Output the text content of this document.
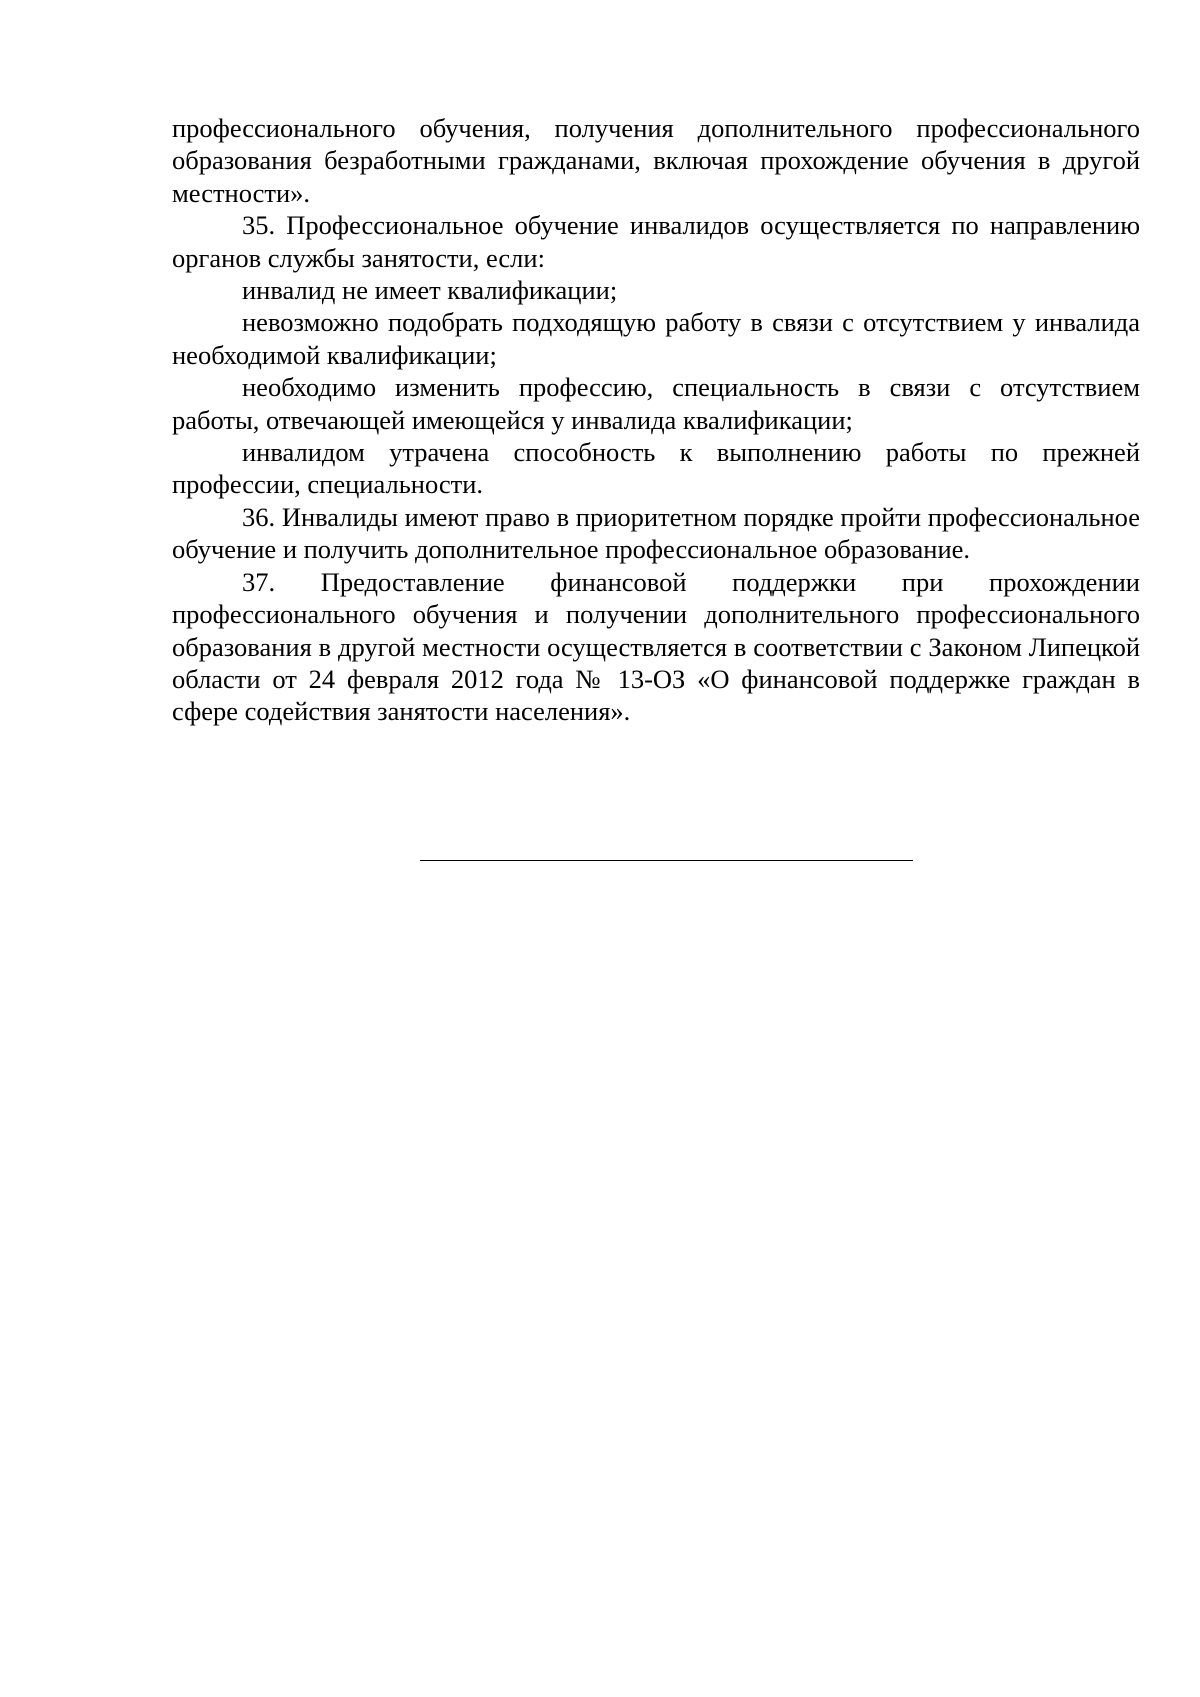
профессионального обучения, получения дополнительного профессионального образования безработными гражданами, включая прохождение обучения в другой местности».

35. Профессиональное обучение инвалидов осуществляется по направлению органов службы занятости, если:

инвалид не имеет квалификации;

невозможно подобрать подходящую работу в связи с отсутствием у инвалида необходимой квалификации;

необходимо изменить профессию, специальность в связи с отсутствием работы, отвечающей имеющейся у инвалида квалификации;

инвалидом утрачена способность к выполнению работы по прежней профессии, специальности.

36. Инвалиды имеют право в приоритетном порядке пройти профессиональное обучение и получить дополнительное профессиональное образование.

37. Предоставление финансовой поддержки при прохождении профессионального обучения и получении дополнительного профессионального образования в другой местности осуществляется в соответствии с Законом Липецкой области от 24 февраля 2012 года № 13-ОЗ «О финансовой поддержке граждан в сфере содействия занятости населения».
